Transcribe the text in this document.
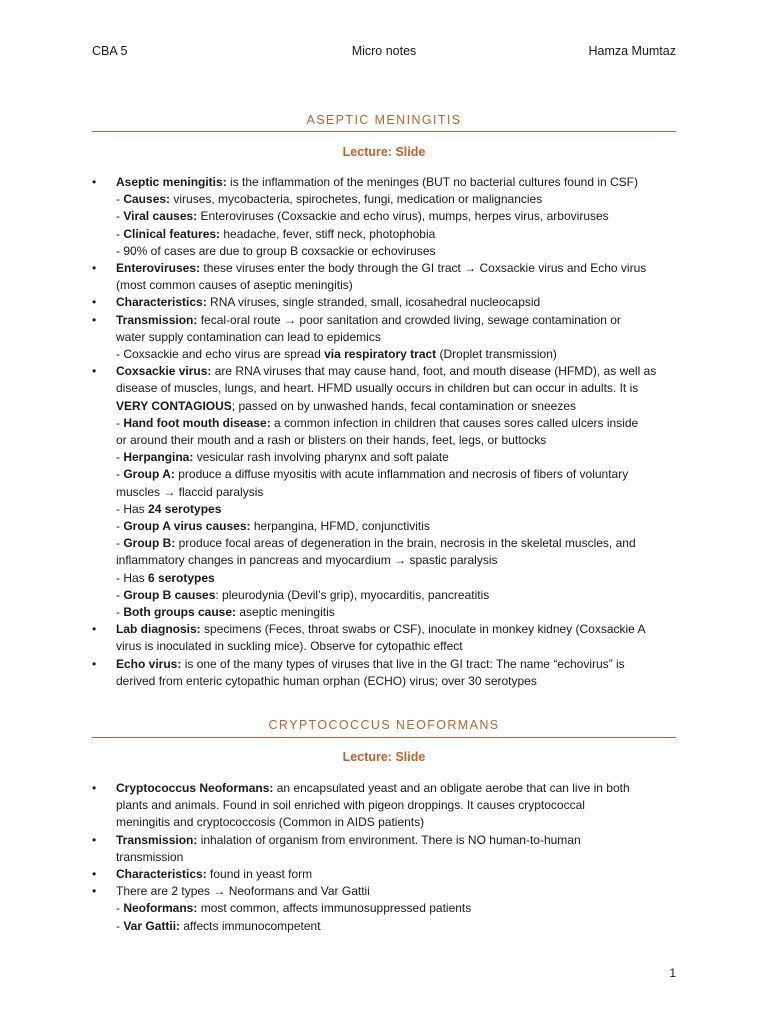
CBA 5	Micro notes	Hamza Mumtaz
ASEPTIC MENINGITIS
Lecture: Slide
• Aseptic meningitis: is the inflammation of the meninges (BUT no bacterial cultures found in CSF)
- Causes: viruses, mycobacteria, spirochetes, fungi, medication or malignancies
- Viral causes: Enteroviruses (Coxsackie and echo virus), mumps, herpes virus, arboviruses
- Clinical features: headache, fever, stiff neck, photophobia
- 90% of cases are due to group B coxsackie or echoviruses
• Enteroviruses: these viruses enter the body through the GI tract → Coxsackie virus and Echo virus
(most common causes of aseptic meningitis)
• Characteristics: RNA viruses, single stranded, small, icosahedral nucleocapsid
• Transmission: fecal-oral route → poor sanitation and crowded living, sewage contamination or
water supply contamination can lead to epidemics
- Coxsackie and echo virus are spread via respiratory tract (Droplet transmission)
• Coxsackie virus: are RNA viruses that may cause hand, foot, and mouth disease (HFMD), as well as
disease of muscles, lungs, and heart. HFMD usually occurs in children but can occur in adults. It is
VERY CONTAGIOUS; passed on by unwashed hands, fecal contamination or sneezes
- Hand foot mouth disease: a common infection in children that causes sores called ulcers inside
or around their mouth and a rash or blisters on their hands, feet, legs, or buttocks
- Herpangina: vesicular rash involving pharynx and soft palate
- Group A: produce a diffuse myositis with acute inflammation and necrosis of fibers of voluntary
muscles → flaccid paralysis
- Has 24 serotypes
- Group A virus causes: herpangina, HFMD, conjunctivitis
- Group B: produce focal areas of degeneration in the brain, necrosis in the skeletal muscles, and
inflammatory changes in pancreas and myocardium → spastic paralysis
- Has 6 serotypes
- Group B causes: pleurodynia (Devil’s grip), myocarditis, pancreatitis
- Both groups cause: aseptic meningitis
• Lab diagnosis: specimens (Feces, throat swabs or CSF), inoculate in monkey kidney (Coxsackie A
virus is inoculated in suckling mice). Observe for cytopathic effect
• Echo virus: is one of the many types of viruses that live in the GI tract: The name “echovirus” is
derived from enteric cytopathic human orphan (ECHO) virus; over 30 serotypes
CRYPTOCOCCUS NEOFORMANS
Lecture: Slide
• Cryptococcus Neoformans: an encapsulated yeast and an obligate aerobe that can live in both
plants and animals. Found in soil enriched with pigeon droppings. It causes cryptococcal
meningitis and cryptococcosis (Common in AIDS patients)
• Transmission: inhalation of organism from environment. There is NO human-to-human
transmission
• Characteristics: found in yeast form
• There are 2 types → Neoformans and Var Gattii
- Neoformans: most common, affects immunosuppressed patients
- Var Gattii: affects immunocompetent
1
